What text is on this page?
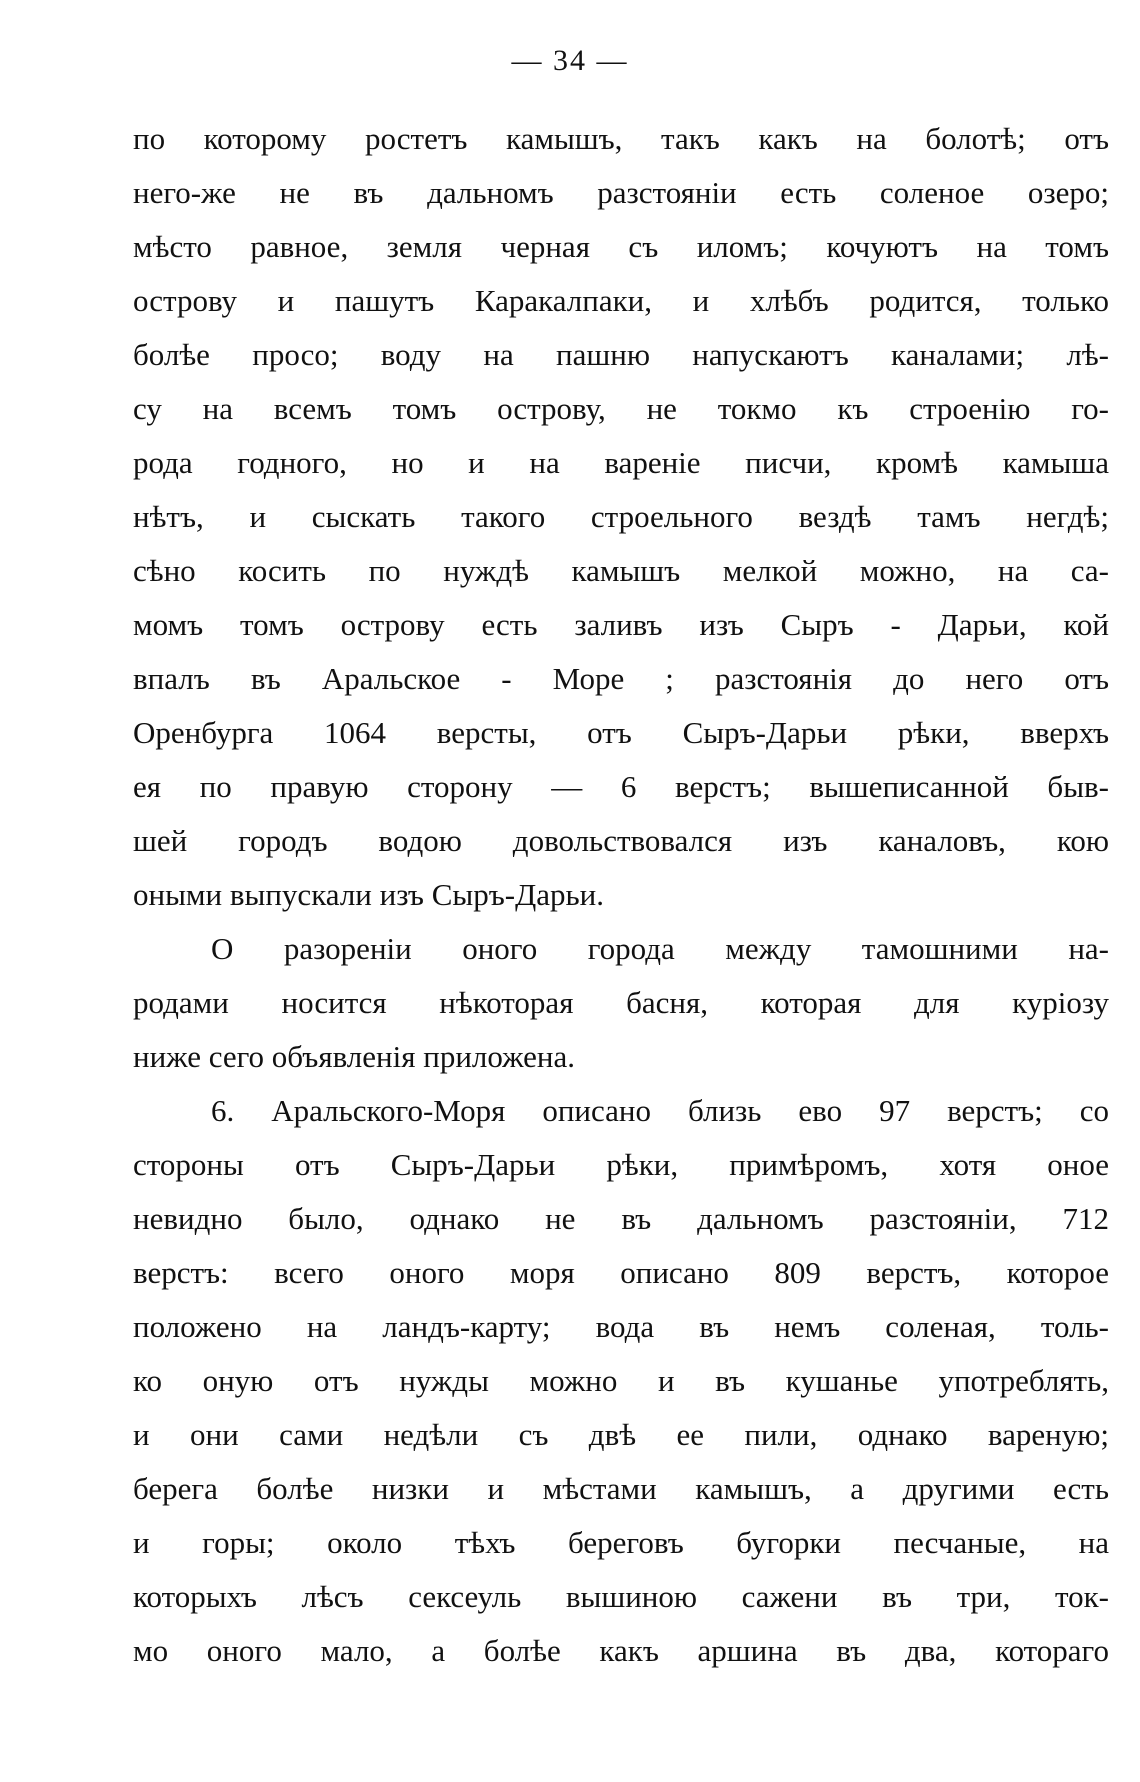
— 34 —
по которому ростетъ камышъ, такъ какъ на болотѣ; отъ
него-же не въ дальномъ разстояніи есть соленое озеро;
мѣсто равное, земля черная съ иломъ; кочуютъ на томъ
острову и пашутъ Каракалпаки, и хлѣбъ родится, только
болѣе просо; воду на пашню напускаютъ каналами; лѣ-
су на всемъ томъ острову, не токмо къ строенію го-
рода годного, но и на вареніе писчи, кромѣ камыша
нѣтъ, и сыскать такого строельного вездѣ тамъ негдѣ;
сѣно косить по нуждѣ камышъ мелкой можно, на са-
момъ томъ острову есть заливъ изъ Сыръ - Дарьи, кой
впалъ въ Аральское - Море ; разстоянія до него отъ
Оренбурга 1064 версты, отъ Сыръ-Дарьи рѣки, вверхъ
ея по правую сторону — 6 верстъ; вышеписанной быв-
шей городъ водою довольствовался изъ каналовъ, кою
оными выпускали изъ Сыръ-Дарьи.
О разореніи оного города между тамошними на-
родами носится нѣкоторая басня, которая для куріозу
ниже сего объявленія приложена.
6. Аральского-Моря описано близь ево 97 верстъ; со
стороны отъ Сыръ-Дарьи рѣки, примѣромъ, хотя оное
невидно было, однако не въ дальномъ разстояніи, 712
верстъ: всего оного моря описано 809 верстъ, которое
положено на ландъ-карту; вода въ немъ соленая, толь-
ко оную отъ нужды можно и въ кушанье употреблять,
и они сами недѣли съ двѣ ее пили, однако вареную;
берега болѣе низки и мѣстами камышъ, а другими есть
и горы; около тѣхъ береговъ бугорки песчаные, на
которыхъ лѣсъ сексеуль вышиною сажени въ три, ток-
мо оного мало, а болѣе какъ аршина въ два, котораго
